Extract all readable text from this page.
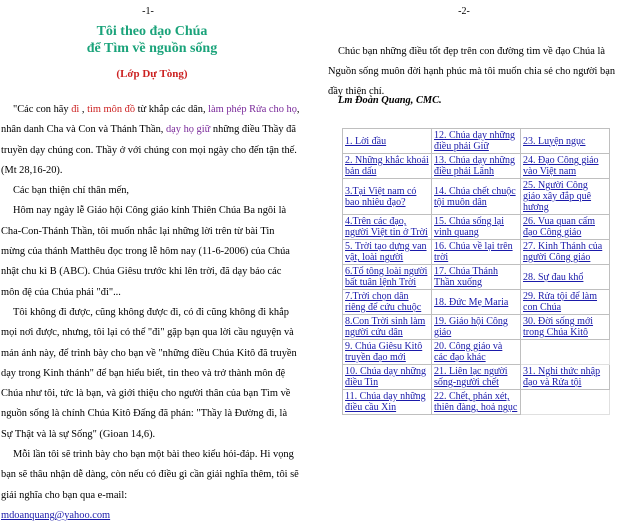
-1-
Tôi theo đạo Chúa
để Tìm về nguồn sống
(Lớp Dự Tòng)

"Các con hãy đi , tìm môn đồ từ khắp các dân, làm phép Rửa cho họ, nhân danh Cha và Con và Thánh Thần, dạy họ giữ những điều Thầy đã truyền dạy chúng con. Thầy ở với chúng con mọi ngày cho đến tận thế. (Mt 28,16-20).

Các bạn thiện chí thân mến,

Hôm nay ngày lễ Giáo hội Công giáo kính Thiên Chúa Ba ngôi là Cha-Con-Thánh Thần, tôi muốn nhắc lại những lời trên từ bài Tin mừng của thánh Matthêu đọc trong lễ hôm nay (11-6-2006) của Chúa nhật chu kì B (ABC). Chúa Giêsu trước khi lên trời, đã dạy bảo các môn đệ của Chúa phải "đi"...

Tôi không đi được, cũng không được đi, có đi cũng không đi khắp mọi nơi được, nhưng, tôi lại có thể "đi" gặp bạn qua lời cầu nguyện và mản ảnh này, để trình bày cho bạn về "những điều Chúa Kitô đã truyền dạy trong Kinh thánh" để bạn hiểu biết, tin theo và trở thành môn đệ Chúa như tôi, tức là bạn, và giới thiệu cho người thân của bạn Tìm về nguồn sống là chính Chúa Kitô Đấng đã phán: "Thầy là Đường đi, là Sự Thật và là sự Sống" (Gioan 14,6).

Mỗi lần tôi sẽ trình bày cho bạn một bài theo kiểu hỏi-đáp. Hi vọng bạn sẽ thâu nhận dễ dàng, còn nếu có điều gì cần giải nghĩa thêm, tôi sẽ giải nghĩa cho bạn qua e-mail:

mdoanquang@yahoo.com

-2-

Chúc bạn những điều tốt đẹp trên con đường tìm về đạo Chúa là Nguồn sống muôn đời hạnh phúc mà tôi muốn chia sẻ cho người bạn đầy thiện chí.

Lm Đoàn Quang, CMC.
1. Lời đầu	12. Chúa dạy những điều phải Giữ	23. Luyện ngục
2. Những khắc khoải bản dấu	13. Chúa dạy những điều phải Lãnh	24. Đạo Công giáo vào Việt nam
3.Tại Việt nam có bao nhiêu đạo?	14. Chúa chết chuộc tội muôn dân	25. Người Công giáo xây đắp quê hương
4.Trên các đạo, người Việt tin ở Trời	15. Chúa sống lại vinh quang	26. Vua quan cấm đạo Công giáo
5. Trời tạo dựng van vật, loài người	16. Chúa về lại trên trời	27. Kinh Thánh của người Công giáo
6.Tổ tông loài người bất tuân lệnh Trời	17. Chúa Thánh Thần xuống	28. Sự đau khổ
7.Trời chọn dân riêng để cứu chuộc	18. Đức Mẹ Maria	29. Rửa tội để làm con Chúa
8.Con Trời sinh làm người cứu dân	19. Giáo hội Công giáo	30. Đời sống mới trong Chúa Kitô
9. Chúa Giêsu Kitô truyền đạo mới	20. Công giáo và các đạo khác	
10. Chúa dạy những điều Tin	21. Liên lạc người sống-người chết	31. Nghi thức nhập đạo và Rửa tội
11. Chúa dạy những điều cầu Xin	22. Chết, phán xét, thiên đàng, hoả ngục	
